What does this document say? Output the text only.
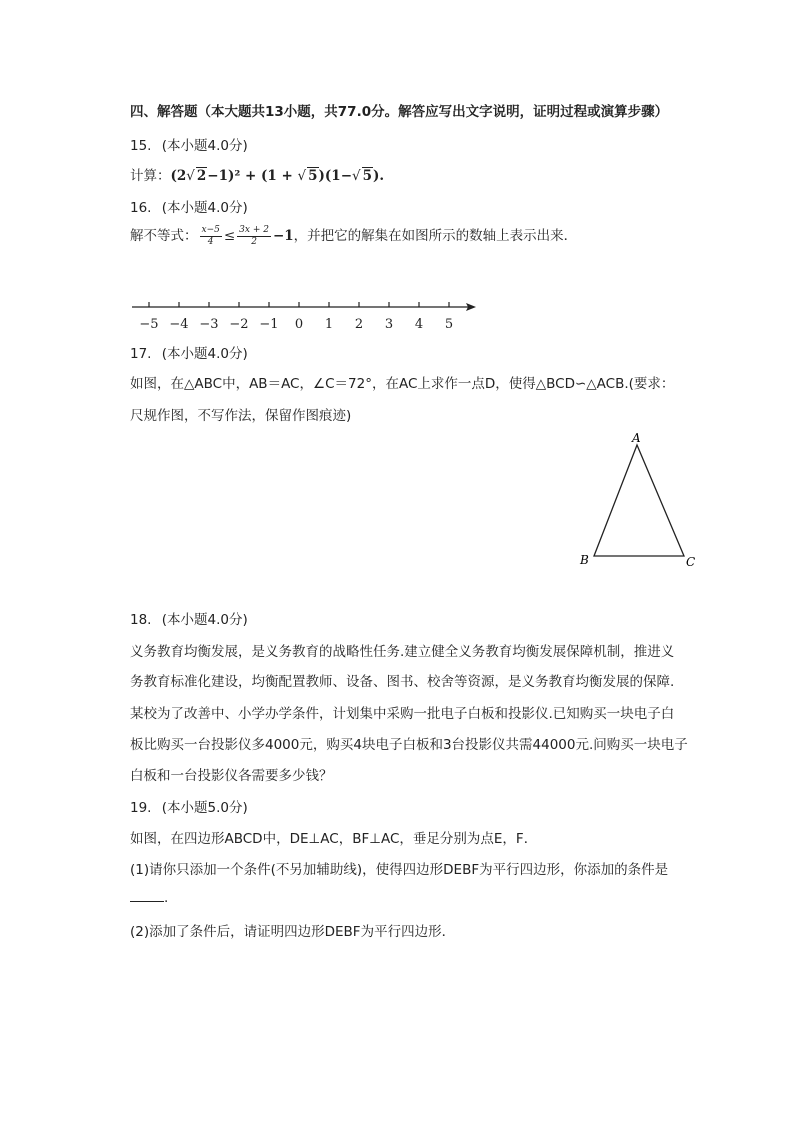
四、解答题（本大题共13小题，共77.0分。解答应写出文字说明，证明过程或演算步骤）
15. (本小题4.0分)
计算：(2√ 2−1)² + (1 + √ 5)(1−√ 5).
16. (本小题4.0分)
解不等式： $\frac{x-5}{4} \le \frac{3x + 2}{2} -1$，并把它的解集在如图所示的数轴上表示出来．
−5 −4 −3 −2 −1 0 1 2 3 4 5
17. (本小题4.0分)
如图，在△ABC中，AB＝AC，∠C＝72°，在AC上求作一点D，使得△BCD∽△ACB.(要求：
尺规作图，不写作法，保留作图痕迹)
A
B	C
18. (本小题4.0分)
义务教育均衡发展，是义务教育的战略性任务.建立健全义务教育均衡发展保障机制，推进义
务教育标准化建设，均衡配置教师、设备、图书、校舍等资源，是义务教育均衡发展的保障.
某校为了改善中、小学办学条件，计划集中采购一批电子白板和投影仪.已知购买一块电子白
板比购买一台投影仪多4000元，购买4块电子白板和3台投影仪共需44000元.问购买一块电子
白板和一台投影仪各需要多少钱？
19. (本小题5.0分)
如图，在四边形ABCD中，DE⊥AC，BF⊥AC，垂足分别为点E，F．
(1)请你只添加一个条件(不另加辅助线)，使得四边形DEBF为平行四边形，你添加的条件是
.
(2)添加了条件后，请证明四边形DEBF为平行四边形．
